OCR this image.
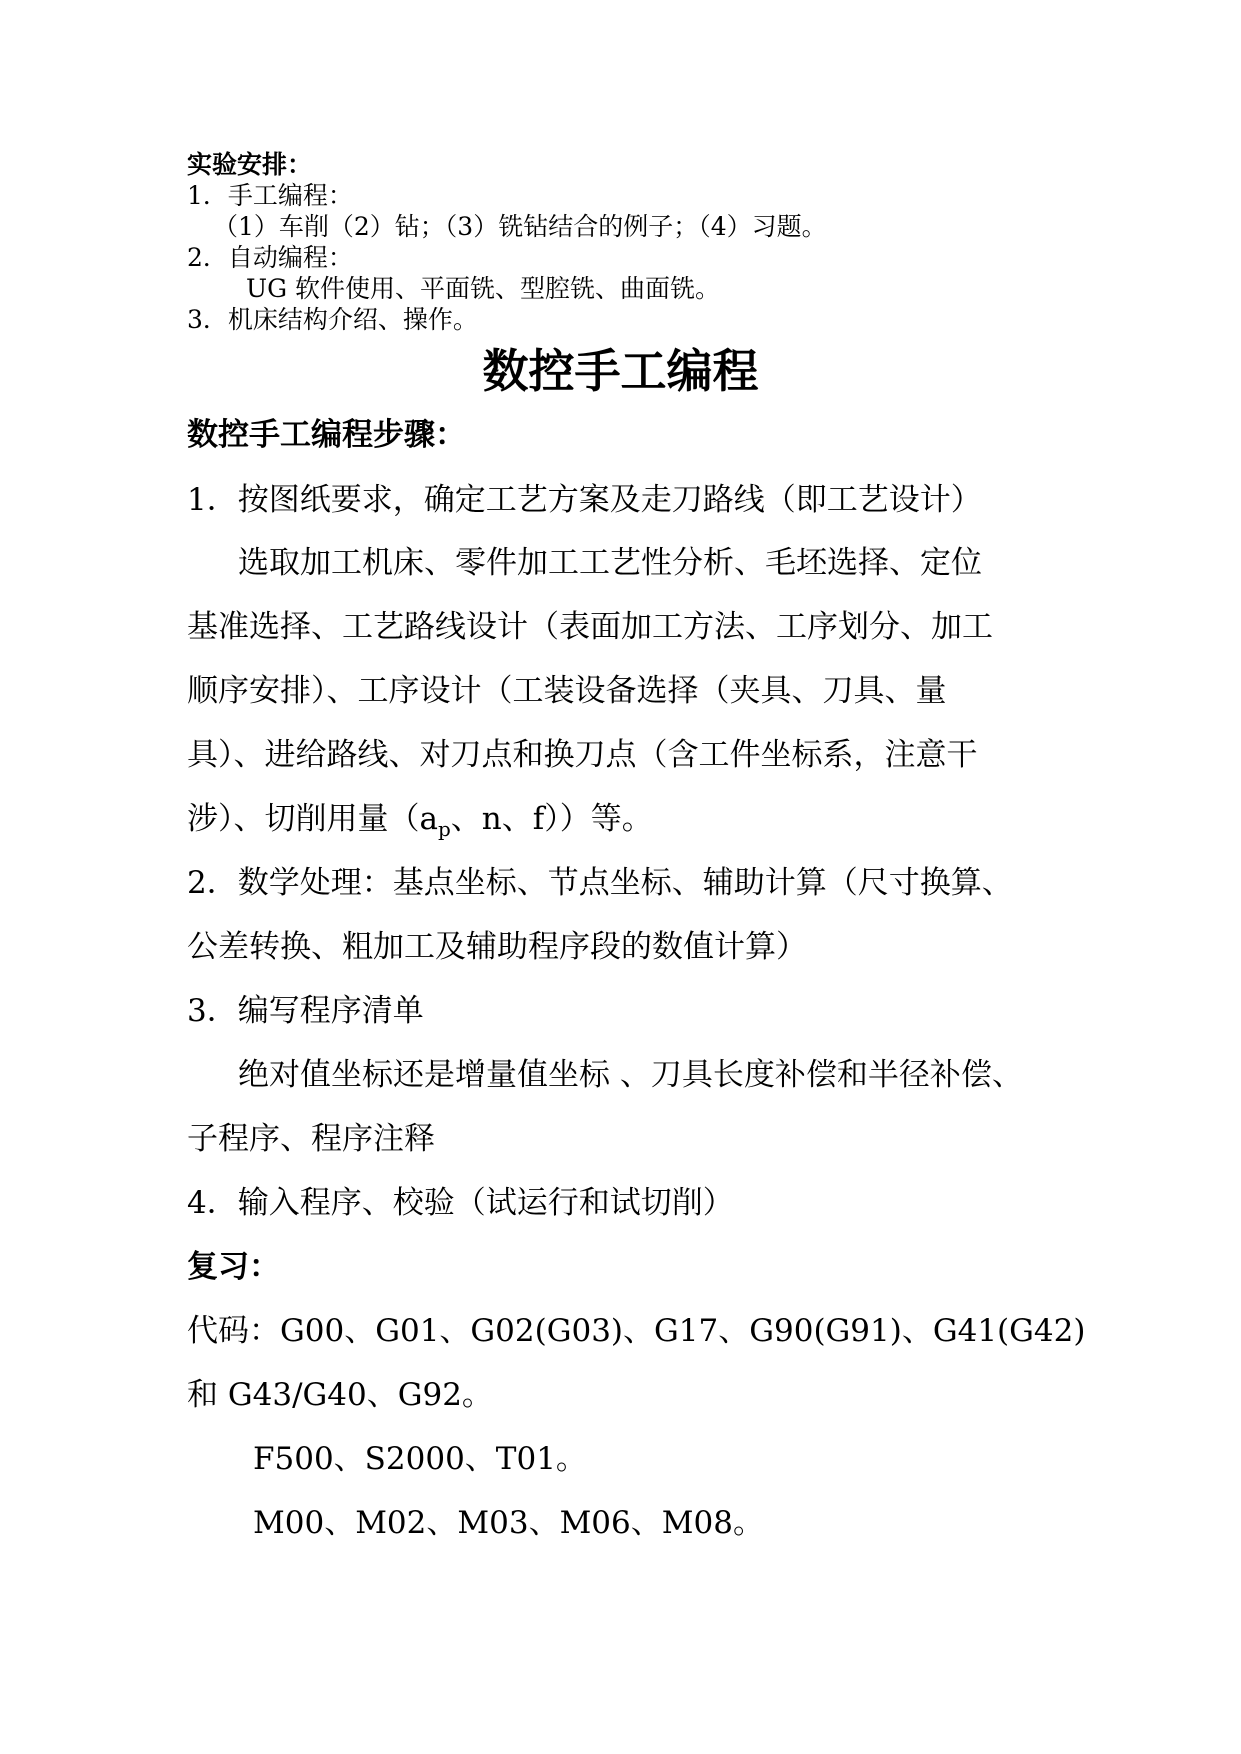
实验安排：
1．手工编程：
（1）车削（2）钻；（3）铣钻结合的例子；（4）习题。
2．自动编程：
UG 软件使用、平面铣、型腔铣、曲面铣。
3．机床结构介绍、操作。
数控手工编程
数控手工编程步骤：
1．按图纸要求，确定工艺方案及走刀路线（即工艺设计）
选取加工机床、零件加工工艺性分析、毛坯选择、定位
基准选择、工艺路线设计（表面加工方法、工序划分、加工
顺序安排）、工序设计（工装设备选择（夹具、刀具、量
具）、进给路线、对刀点和换刀点（含工件坐标系，注意干
涉）、切削用量（$a_p$、n、f））等。
2．数学处理：基点坐标、节点坐标、辅助计算（尺寸换算、
公差转换、粗加工及辅助程序段的数值计算）
3．编写程序清单
绝对值坐标还是增量值坐标 、刀具长度补偿和半径补偿、
子程序、程序注释
4．输入程序、校验（试运行和试切削）
复习：
代码：G00、G01、G02(G03)、G17、G90(G91)、G41(G42)
和 G43/G40、G92。
F500、S2000、T01。
M00、M02、M03、M06、M08。
